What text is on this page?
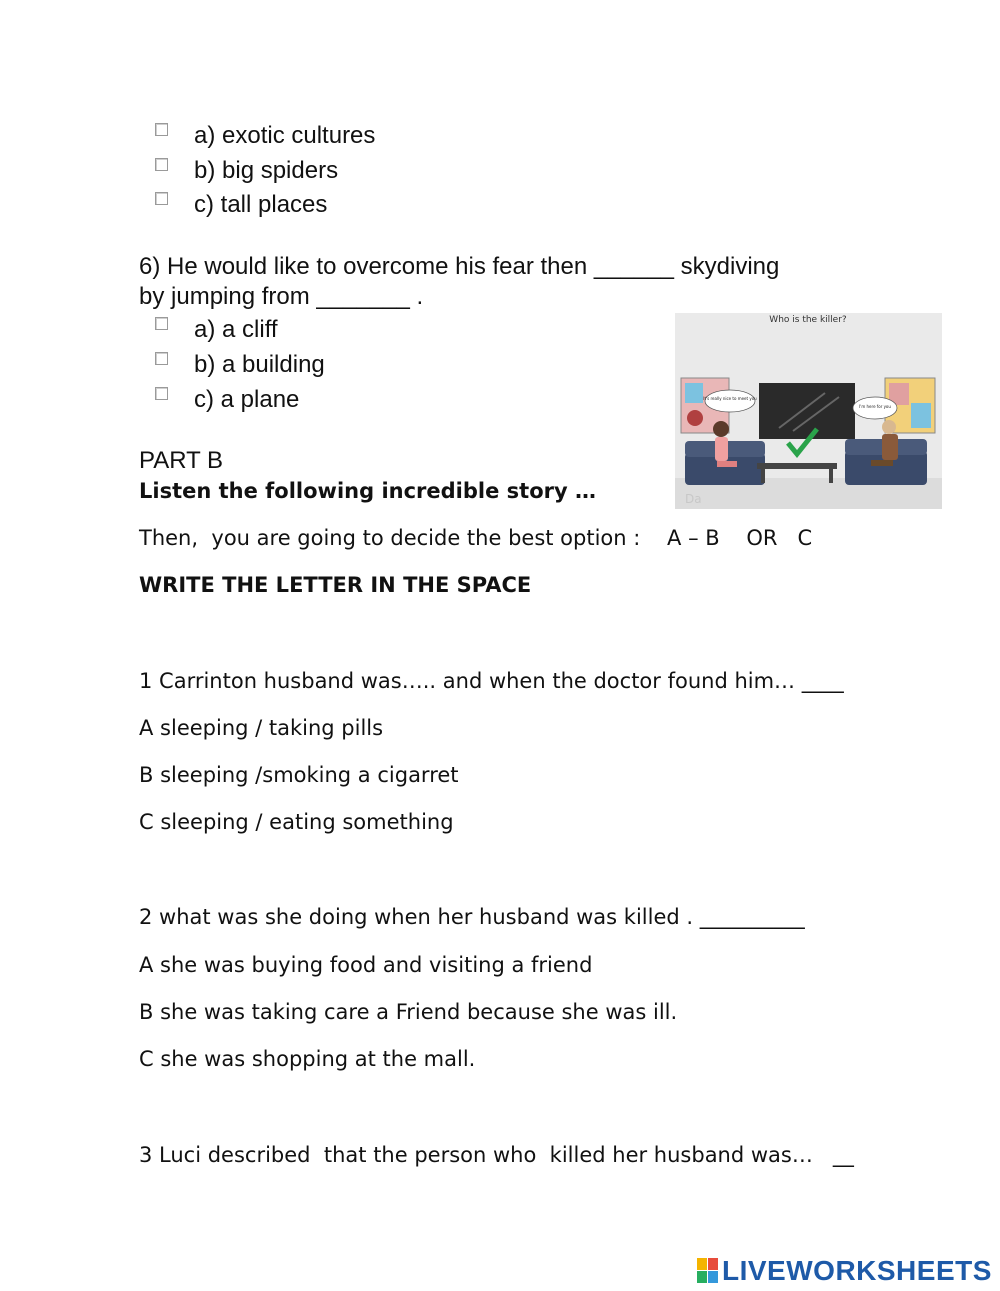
a) exotic cultures
b) big spiders
c) tall places
6) He would like to overcome his fear then ______ skydiving
by jumping from _______ .
a) a cliff
b) a building
c) a plane
Who is the killer?
It's really nice to meet you
I'm here for you
Da
PART B
Listen the following incredible story …
Then,  you are going to decide the best option :    A – B    OR   C
WRITE THE LETTER IN THE SPACE
1 Carrinton husband was….. and when the doctor found him… ____
A sleeping / taking pills
B sleeping /smoking a cigarret
C sleeping / eating something
2 what was she doing when her husband was killed . __________
A she was buying food and visiting a friend
B she was taking care a Friend because she was ill.
C she was shopping at the mall.
3 Luci described  that the person who  killed her husband was…   __
LIVEWORKSHEETS
